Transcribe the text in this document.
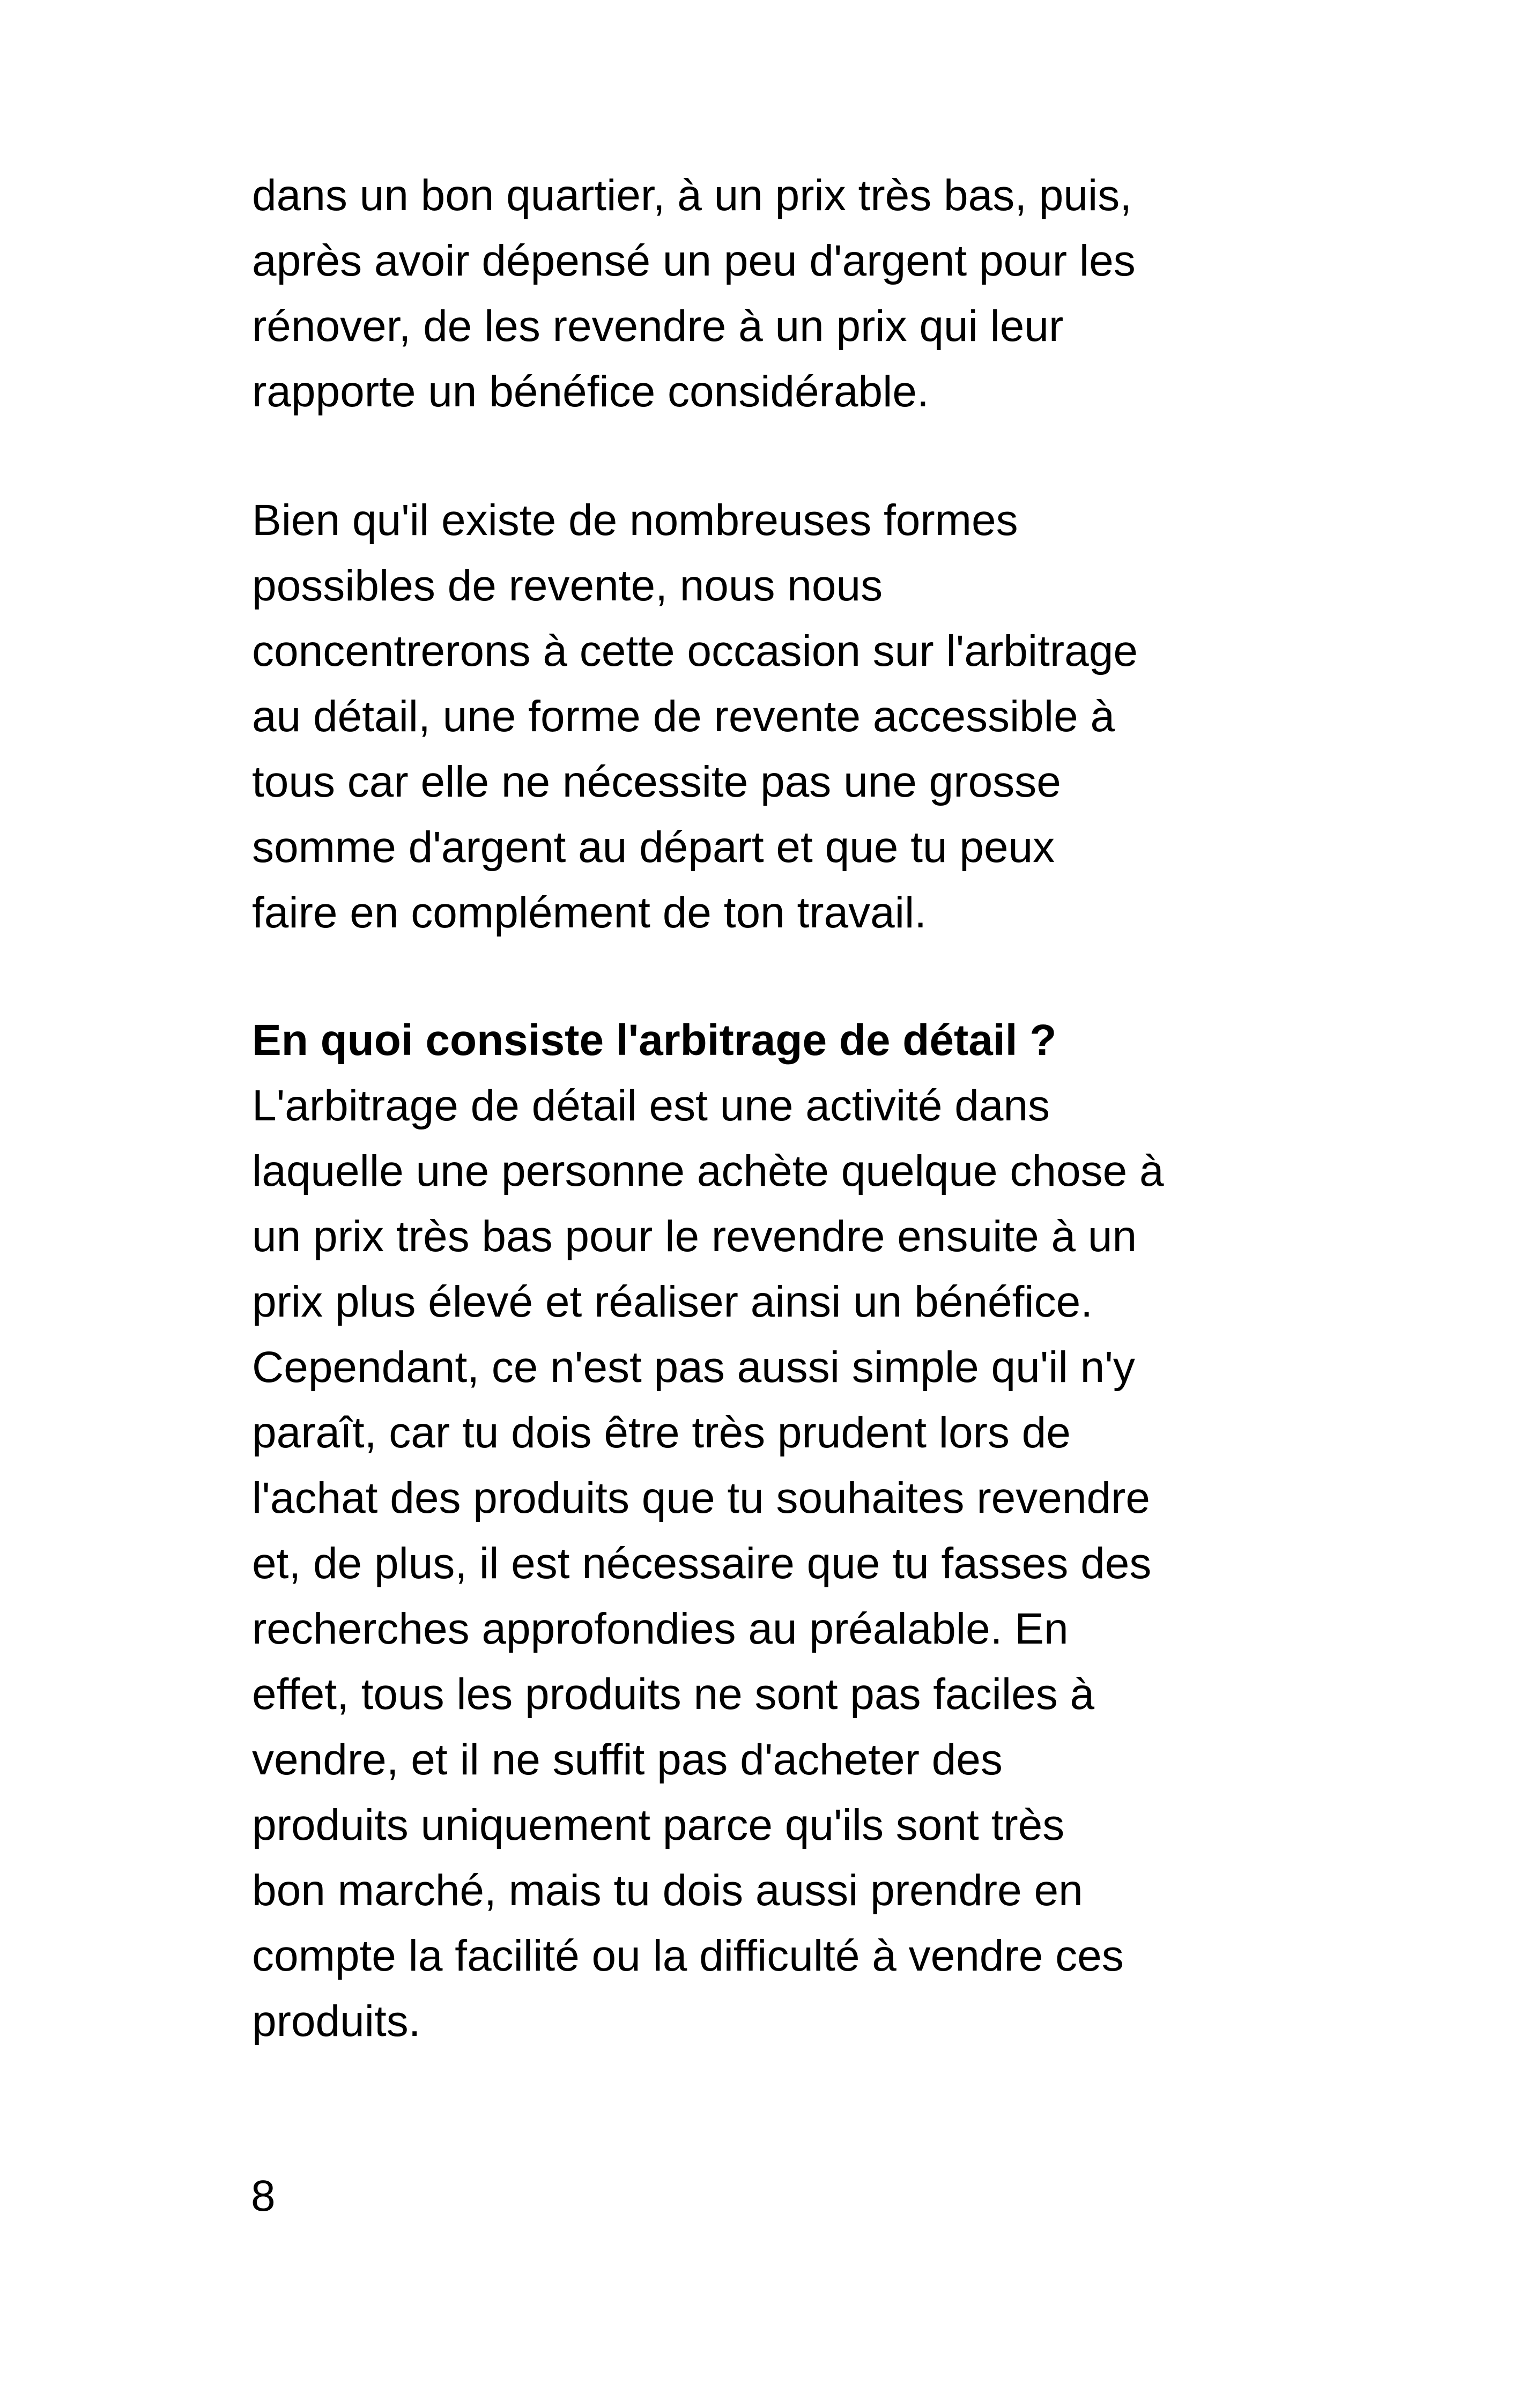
dans un bon quartier, à un prix très bas, puis,
après avoir dépensé un peu d'argent pour les
rénover, de les revendre à un prix qui leur
rapporte un bénéfice considérable.

Bien qu'il existe de nombreuses formes
possibles de revente, nous nous
concentrerons à cette occasion sur l'arbitrage
au détail, une forme de revente accessible à
tous car elle ne nécessite pas une grosse
somme d'argent au départ et que tu peux
faire en complément de ton travail.

En quoi consiste l'arbitrage de détail ?
L'arbitrage de détail est une activité dans
laquelle une personne achète quelque chose à
un prix très bas pour le revendre ensuite à un
prix plus élevé et réaliser ainsi un bénéfice.
Cependant, ce n'est pas aussi simple qu'il n'y
paraît, car tu dois être très prudent lors de
l'achat des produits que tu souhaites revendre
et, de plus, il est nécessaire que tu fasses des
recherches approfondies au préalable. En
effet, tous les produits ne sont pas faciles à
vendre, et il ne suffit pas d'acheter des
produits uniquement parce qu'ils sont très
bon marché, mais tu dois aussi prendre en
compte la facilité ou la difficulté à vendre ces
produits.

8
